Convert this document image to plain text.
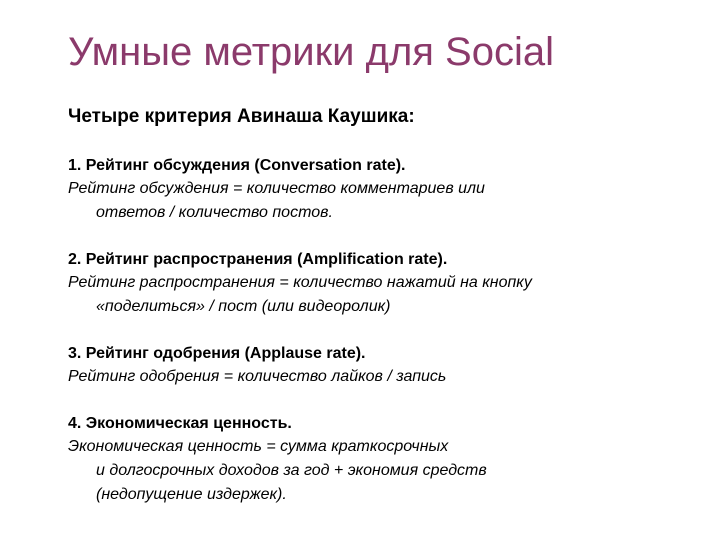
Умные метрики для Social
Четыре критерия Авинаша Каушика:
1. Рейтинг обсуждения (Conversation rate).
Рейтинг обсуждения = количество комментариев или
ответов / количество постов.
2. Рейтинг распространения (Amplification rate).
Рейтинг распространения = количество нажатий на кнопку
«поделиться» / пост (или видеоролик)
3. Рейтинг одобрения (Applause rate).
Рейтинг одобрения = количество лайков / запись
4. Экономическая ценность.
Экономическая ценность = сумма краткосрочных
и долгосрочных доходов за год + экономия средств
(недопущение издержек).
